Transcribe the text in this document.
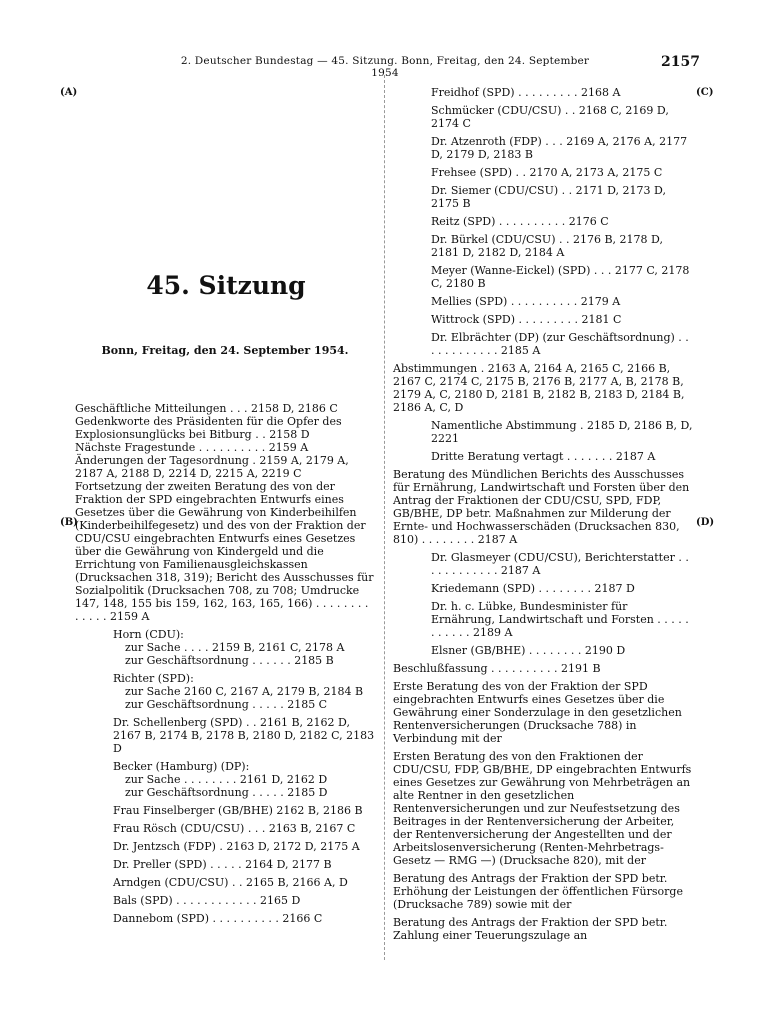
2. Deutscher Bundestag — 45. Sitzung. Bonn, Freitag, den 24. September 1954
2157
(A)
(B)
(C)
(D)
45. Sitzung
Bonn, Freitag, den 24. September 1954.
Geschäftliche Mitteilungen . . . 2158 D, 2186 C
Gedenkworte des Präsidenten für die Opfer des Explosionsunglücks bei Bitburg . . 2158 D
Nächste Fragestunde . . . . . . . . . . 2159 A
Änderungen der Tagesordnung . 2159 A, 2179 A, 2187 A, 2188 D, 2214 D, 2215 A, 2219 C
Fortsetzung der zweiten Beratung des von der Fraktion der SPD eingebrachten Entwurfs eines Gesetzes über die Gewährung von Kinderbeihilfen (Kinderbeihilfegesetz) und des von der Fraktion der CDU/CSU eingebrachten Entwurfs eines Gesetzes über die Gewährung von Kindergeld und die Errichtung von Familienausgleichskassen (Drucksachen 318, 319); Bericht des Ausschusses für Sozialpolitik (Drucksachen 708, zu 708; Umdrucke 147, 148, 155 bis 159, 162, 163, 165, 166) . . . . . . . . . . . . . 2159 A
Horn (CDU):
zur Sache . . . . 2159 B, 2161 C, 2178 A
zur Geschäftsordnung . . . . . . 2185 B
Richter (SPD):
zur Sache 2160 C, 2167 A, 2179 B, 2184 B
zur Geschäftsordnung . . . . . 2185 C
Dr. Schellenberg (SPD) . . 2161 B, 2162 D, 2167 B, 2174 B, 2178 B, 2180 D, 2182 C, 2183 D
Becker (Hamburg) (DP):
zur Sache . . . . . . . . 2161 D, 2162 D
zur Geschäftsordnung . . . . . 2185 D
Frau Finselberger (GB/BHE) 2162 B, 2186 B
Frau Rösch (CDU/CSU) . . . 2163 B, 2167 C
Dr. Jentzsch (FDP) . 2163 D, 2172 D, 2175 A
Dr. Preller (SPD) . . . . . 2164 D, 2177 B
Arndgen (CDU/CSU) . . 2165 B, 2166 A, D
Bals (SPD) . . . . . . . . . . . . 2165 D
Dannebom (SPD) . . . . . . . . . . 2166 C
Freidhof (SPD) . . . . . . . . . 2168 A
Schmücker (CDU/CSU) . . 2168 C, 2169 D, 2174 C
Dr. Atzenroth (FDP) . . . 2169 A, 2176 A, 2177 D, 2179 D, 2183 B
Frehsee (SPD) . . 2170 A, 2173 A, 2175 C
Dr. Siemer (CDU/CSU) . . 2171 D, 2173 D, 2175 B
Reitz (SPD) . . . . . . . . . . 2176 C
Dr. Bürkel (CDU/CSU) . . 2176 B, 2178 D, 2181 D, 2182 D, 2184 A
Meyer (Wanne-Eickel) (SPD) . . . 2177 C, 2178 C, 2180 B
Mellies (SPD) . . . . . . . . . . 2179 A
Wittrock (SPD) . . . . . . . . . 2181 C
Dr. Elbrächter (DP) (zur Geschäftsordnung) . . . . . . . . . . . . 2185 A
Abstimmungen . 2163 A, 2164 A, 2165 C, 2166 B, 2167 C, 2174 C, 2175 B, 2176 B, 2177 A, B, 2178 B, 2179 A, C, 2180 D, 2181 B, 2182 B, 2183 D, 2184 B, 2186 A, C, D
Namentliche Abstimmung . 2185 D, 2186 B, D, 2221
Dritte Beratung vertagt . . . . . . . 2187 A
Beratung des Mündlichen Berichts des Ausschusses für Ernährung, Landwirtschaft und Forsten über den Antrag der Fraktionen der CDU/CSU, SPD, FDP, GB/BHE, DP betr. Maßnahmen zur Milderung der Ernte- und Hochwasserschäden (Drucksachen 830, 810) . . . . . . . . 2187 A
Dr. Glasmeyer (CDU/CSU), Berichterstatter . . . . . . . . . . . . 2187 A
Kriedemann (SPD) . . . . . . . . 2187 D
Dr. h. c. Lübke, Bundesminister für Ernährung, Landwirtschaft und Forsten . . . . . . . . . . . 2189 A
Elsner (GB/BHE) . . . . . . . . 2190 D
Beschlußfassung . . . . . . . . . . 2191 B
Erste Beratung des von der Fraktion der SPD eingebrachten Entwurfs eines Gesetzes über die Gewährung einer Sonderzulage in den gesetzlichen Rentenversicherungen (Drucksache 788) in Verbindung mit der
Ersten Beratung des von den Fraktionen der CDU/CSU, FDP, GB/BHE, DP eingebrachten Entwurfs eines Gesetzes zur Gewährung von Mehrbeträgen an alte Rentner in den gesetzlichen Rentenversicherungen und zur Neufestsetzung des Beitrages in der Rentenversicherung der Arbeiter, der Rentenversicherung der Angestellten und der Arbeitslosenversicherung (Renten-Mehrbetrags-Gesetz — RMG —) (Drucksache 820), mit der
Beratung des Antrags der Fraktion der SPD betr. Erhöhung der Leistungen der öffentlichen Fürsorge (Drucksache 789) sowie mit der
Beratung des Antrags der Fraktion der SPD betr. Zahlung einer Teuerungszulage an
